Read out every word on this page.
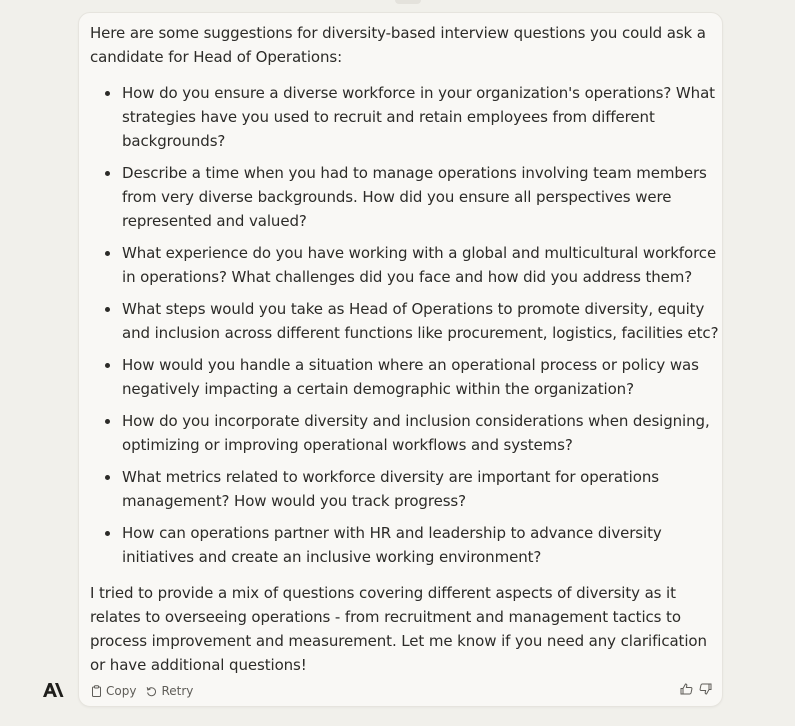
Here are some suggestions for diversity-based interview questions you could ask a candidate for Head of Operations:

How do you ensure a diverse workforce in your organization's operations? What strategies have you used to recruit and retain employees from different backgrounds?
Describe a time when you had to manage operations involving team members from very diverse backgrounds. How did you ensure all perspectives were represented and valued?
What experience do you have working with a global and multicultural workforce in operations? What challenges did you face and how did you address them?
What steps would you take as Head of Operations to promote diversity, equity and inclusion across different functions like procurement, logistics, facilities etc?
How would you handle a situation where an operational process or policy was negatively impacting a certain demographic within the organization?
How do you incorporate diversity and inclusion considerations when designing, optimizing or improving operational workflows and systems?
What metrics related to workforce diversity are important for operations management? How would you track progress?
How can operations partner with HR and leadership to advance diversity initiatives and create an inclusive working environment?

I tried to provide a mix of questions covering different aspects of diversity as it relates to overseeing operations - from recruitment and management tactics to process improvement and measurement. Let me know if you need any clarification or have additional questions!

Copy Retry
